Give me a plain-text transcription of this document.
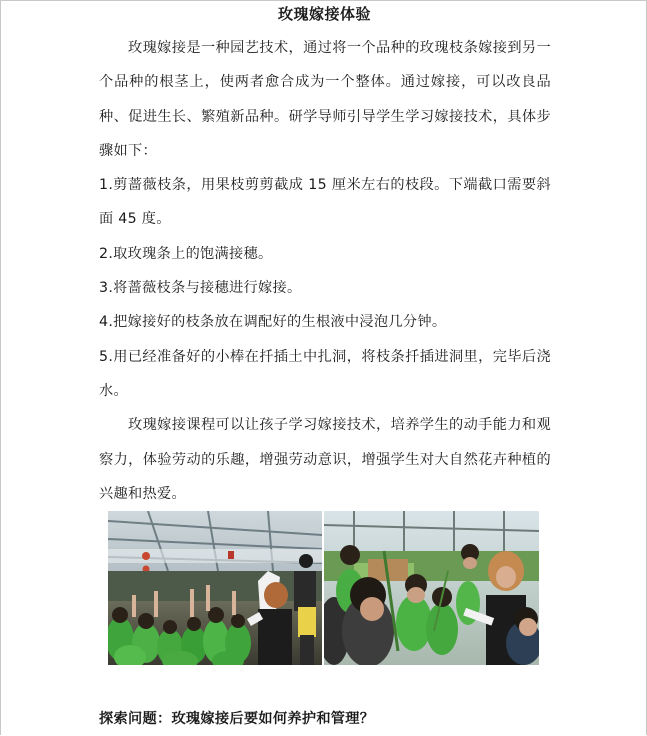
玫瑰嫁接体验

玫瑰嫁接是一种园艺技术，通过将一个品种的玫瑰枝条嫁接到另一个品种的根茎上，使两者愈合成为一个整体。通过嫁接，可以改良品种、促进生长、繁殖新品种。研学导师引导学生学习嫁接技术，具体步骤如下：

1.剪蔷薇枝条，用果枝剪剪截成 15 厘米左右的枝段。下端截口需要斜面 45 度。

2.取玫瑰条上的饱满接穗。

3.将蔷薇枝条与接穗进行嫁接。

4.把嫁接好的枝条放在调配好的生根液中浸泡几分钟。

5.用已经准备好的小棒在扦插土中扎洞，将枝条扦插进洞里，完毕后浇水。

玫瑰嫁接课程可以让孩子学习嫁接技术，培养学生的动手能力和观察力，体验劳动的乐趣，增强劳动意识，增强学生对大自然花卉种植的兴趣和热爱。

探索问题：玫瑰嫁接后要如何养护和管理？
